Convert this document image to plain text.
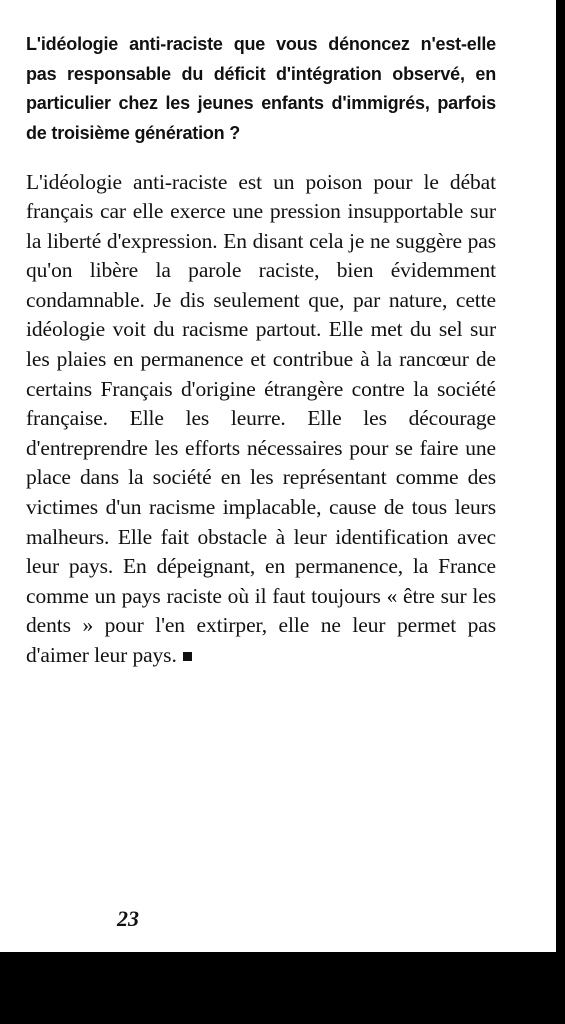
L'idéologie anti-raciste que vous dénoncez n'est-elle pas responsable du déficit d'intégration observé, en particulier chez les jeunes enfants d'immigrés, parfois de troisième génération ?

L'idéologie anti-raciste est un poison pour le débat français car elle exerce une pression insupportable sur la liberté d'expression. En disant cela je ne suggère pas qu'on libère la parole raciste, bien évidemment condamnable. Je dis seulement que, par nature, cette idéologie voit du racisme partout. Elle met du sel sur les plaies en permanence et contribue à la rancœur de certains Français d'origine étrangère contre la société française. Elle les leurre. Elle les décourage d'entreprendre les efforts nécessaires pour se faire une place dans la société en les représentant comme des victimes d'un racisme implacable, cause de tous leurs malheurs. Elle fait obstacle à leur identification avec leur pays. En dépeignant, en permanence, la France comme un pays raciste où il faut toujours « être sur les dents » pour l'en extirper, elle ne leur permet pas d'aimer leur pays.

23
